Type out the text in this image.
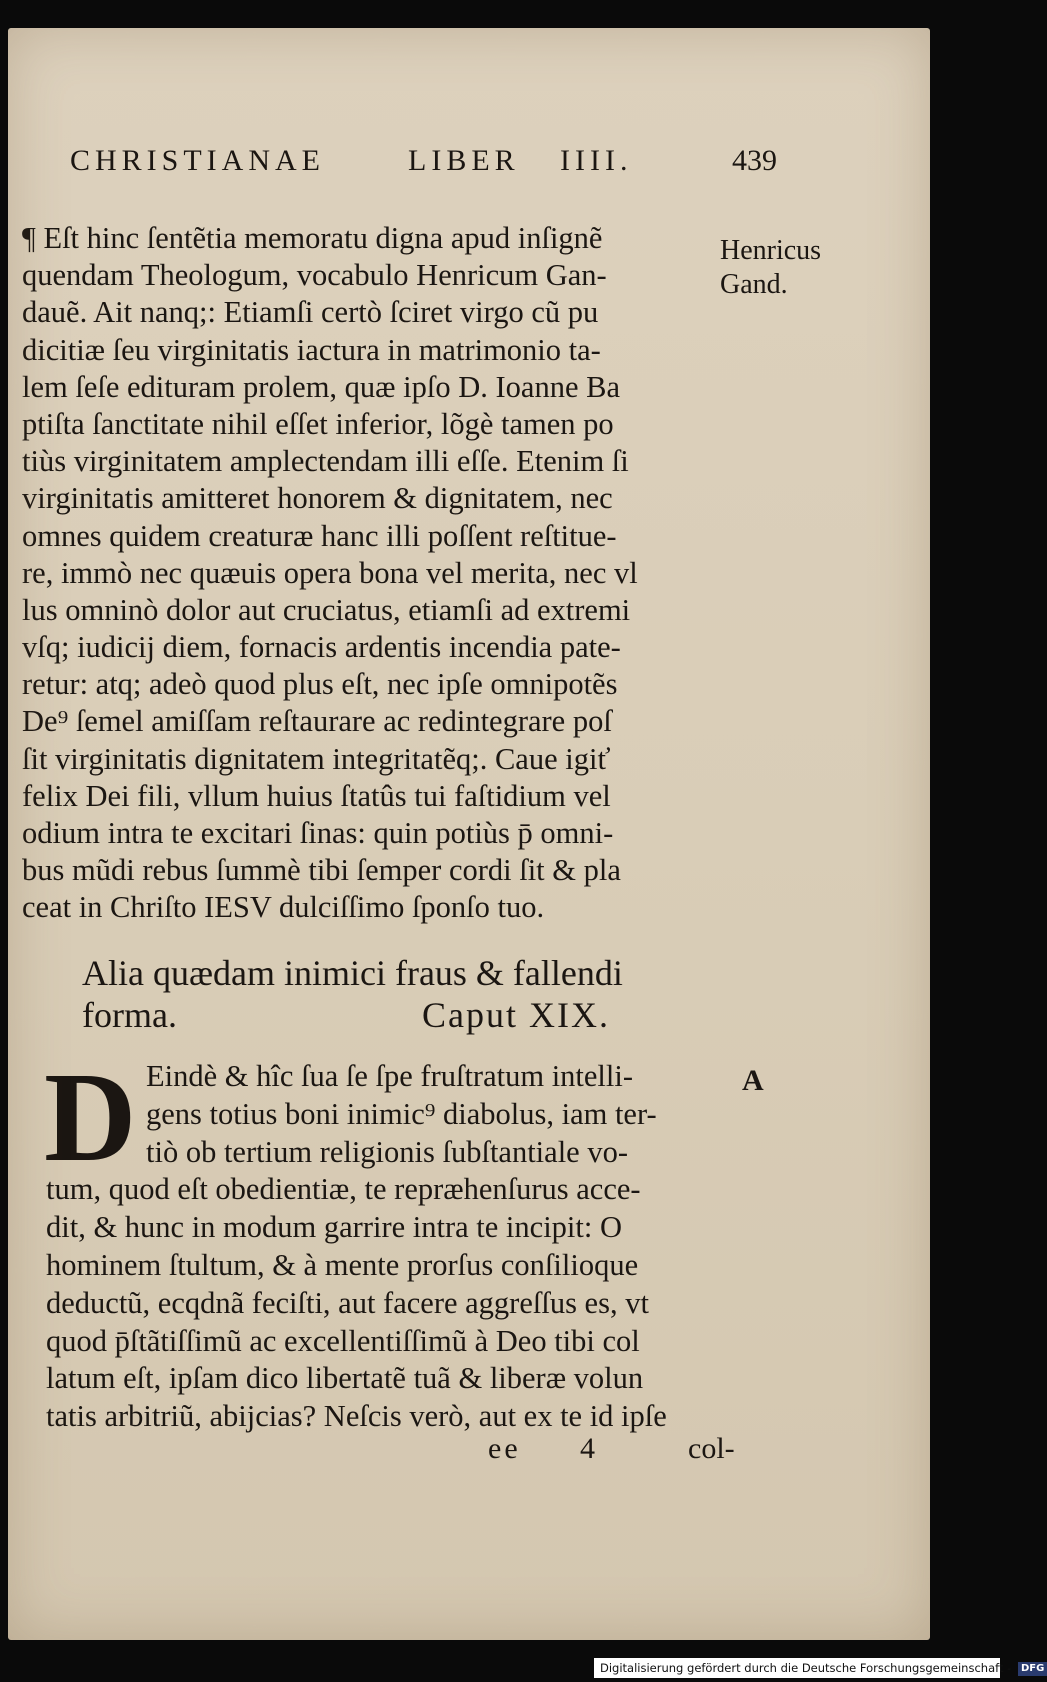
CHRISTIANAE	LIBER IIII.	439
¶ Eſt hinc ſentẽtia memoratu digna apud inſignẽ
quendam Theologum, vocabulo Henricum Gan-
dauẽ. Ait nanq;: Etiamſi certò ſciret virgo cũ pu
dicitiæ ſeu virginitatis iactura in matrimonio ta-
lem ſeſe edituram prolem, quæ ipſo D. Ioanne Ba
ptiſta ſanctitate nihil eſſet inferior, lõgè tamen po
tiùs virginitatem amplectendam illi eſſe. Etenim ſi
virginitatis amitteret honorem & dignitatem, nec
omnes quidem creaturæ hanc illi poſſent reſtitue-
re, immò nec quæuis opera bona vel merita, nec vl
lus omninò dolor aut cruciatus, etiamſi ad extremi
vſq; iudicij diem, fornacis ardentis incendia pate-
retur: atq; adeò quod plus eſt, nec ipſe omnipotẽs
De⁹ ſemel amiſſam reſtaurare ac redintegrare poſ
ſit virginitatis dignitatem integritatẽq;. Caue igiť
felix Dei fili, vllum huius ſtatûs tui faſtidium vel
odium intra te excitari ſinas: quin potiùs p̄ omni-
bus mũdi rebus ſummè tibi ſemper cordi ſit & pla
ceat in Chriſto IESV dulciſſimo ſponſo tuo.
Henricus
Gand.
Alia quædam inimici fraus & fallendi
forma.	Caput XIX.
D	A
Eindè & hîc ſua ſe ſpe fruſtratum intelli-
gens totius boni inimic⁹ diabolus, iam ter-
tiò ob tertium religionis ſubſtantiale vo-
tum, quod eſt obedientiæ, te repræhenſurus acce-
dit, & hunc in modum garrire intra te incipit: O
hominem ſtultum, & à mente prorſus conſilioque
deductũ, ecqdnã feciſti, aut facere aggreſſus es, vt
quod p̄ſtãtiſſimũ ac excellentiſſimũ à Deo tibi col
latum eſt, ipſam dico libertatẽ tuã & liberæ volun
tatis arbitriũ, abijcias? Neſcis verò, aut ex te id ipſe
ee 4	col-
Digitalisierung gefördert durch die Deutsche Forschungsgemeinschaft - DFG
